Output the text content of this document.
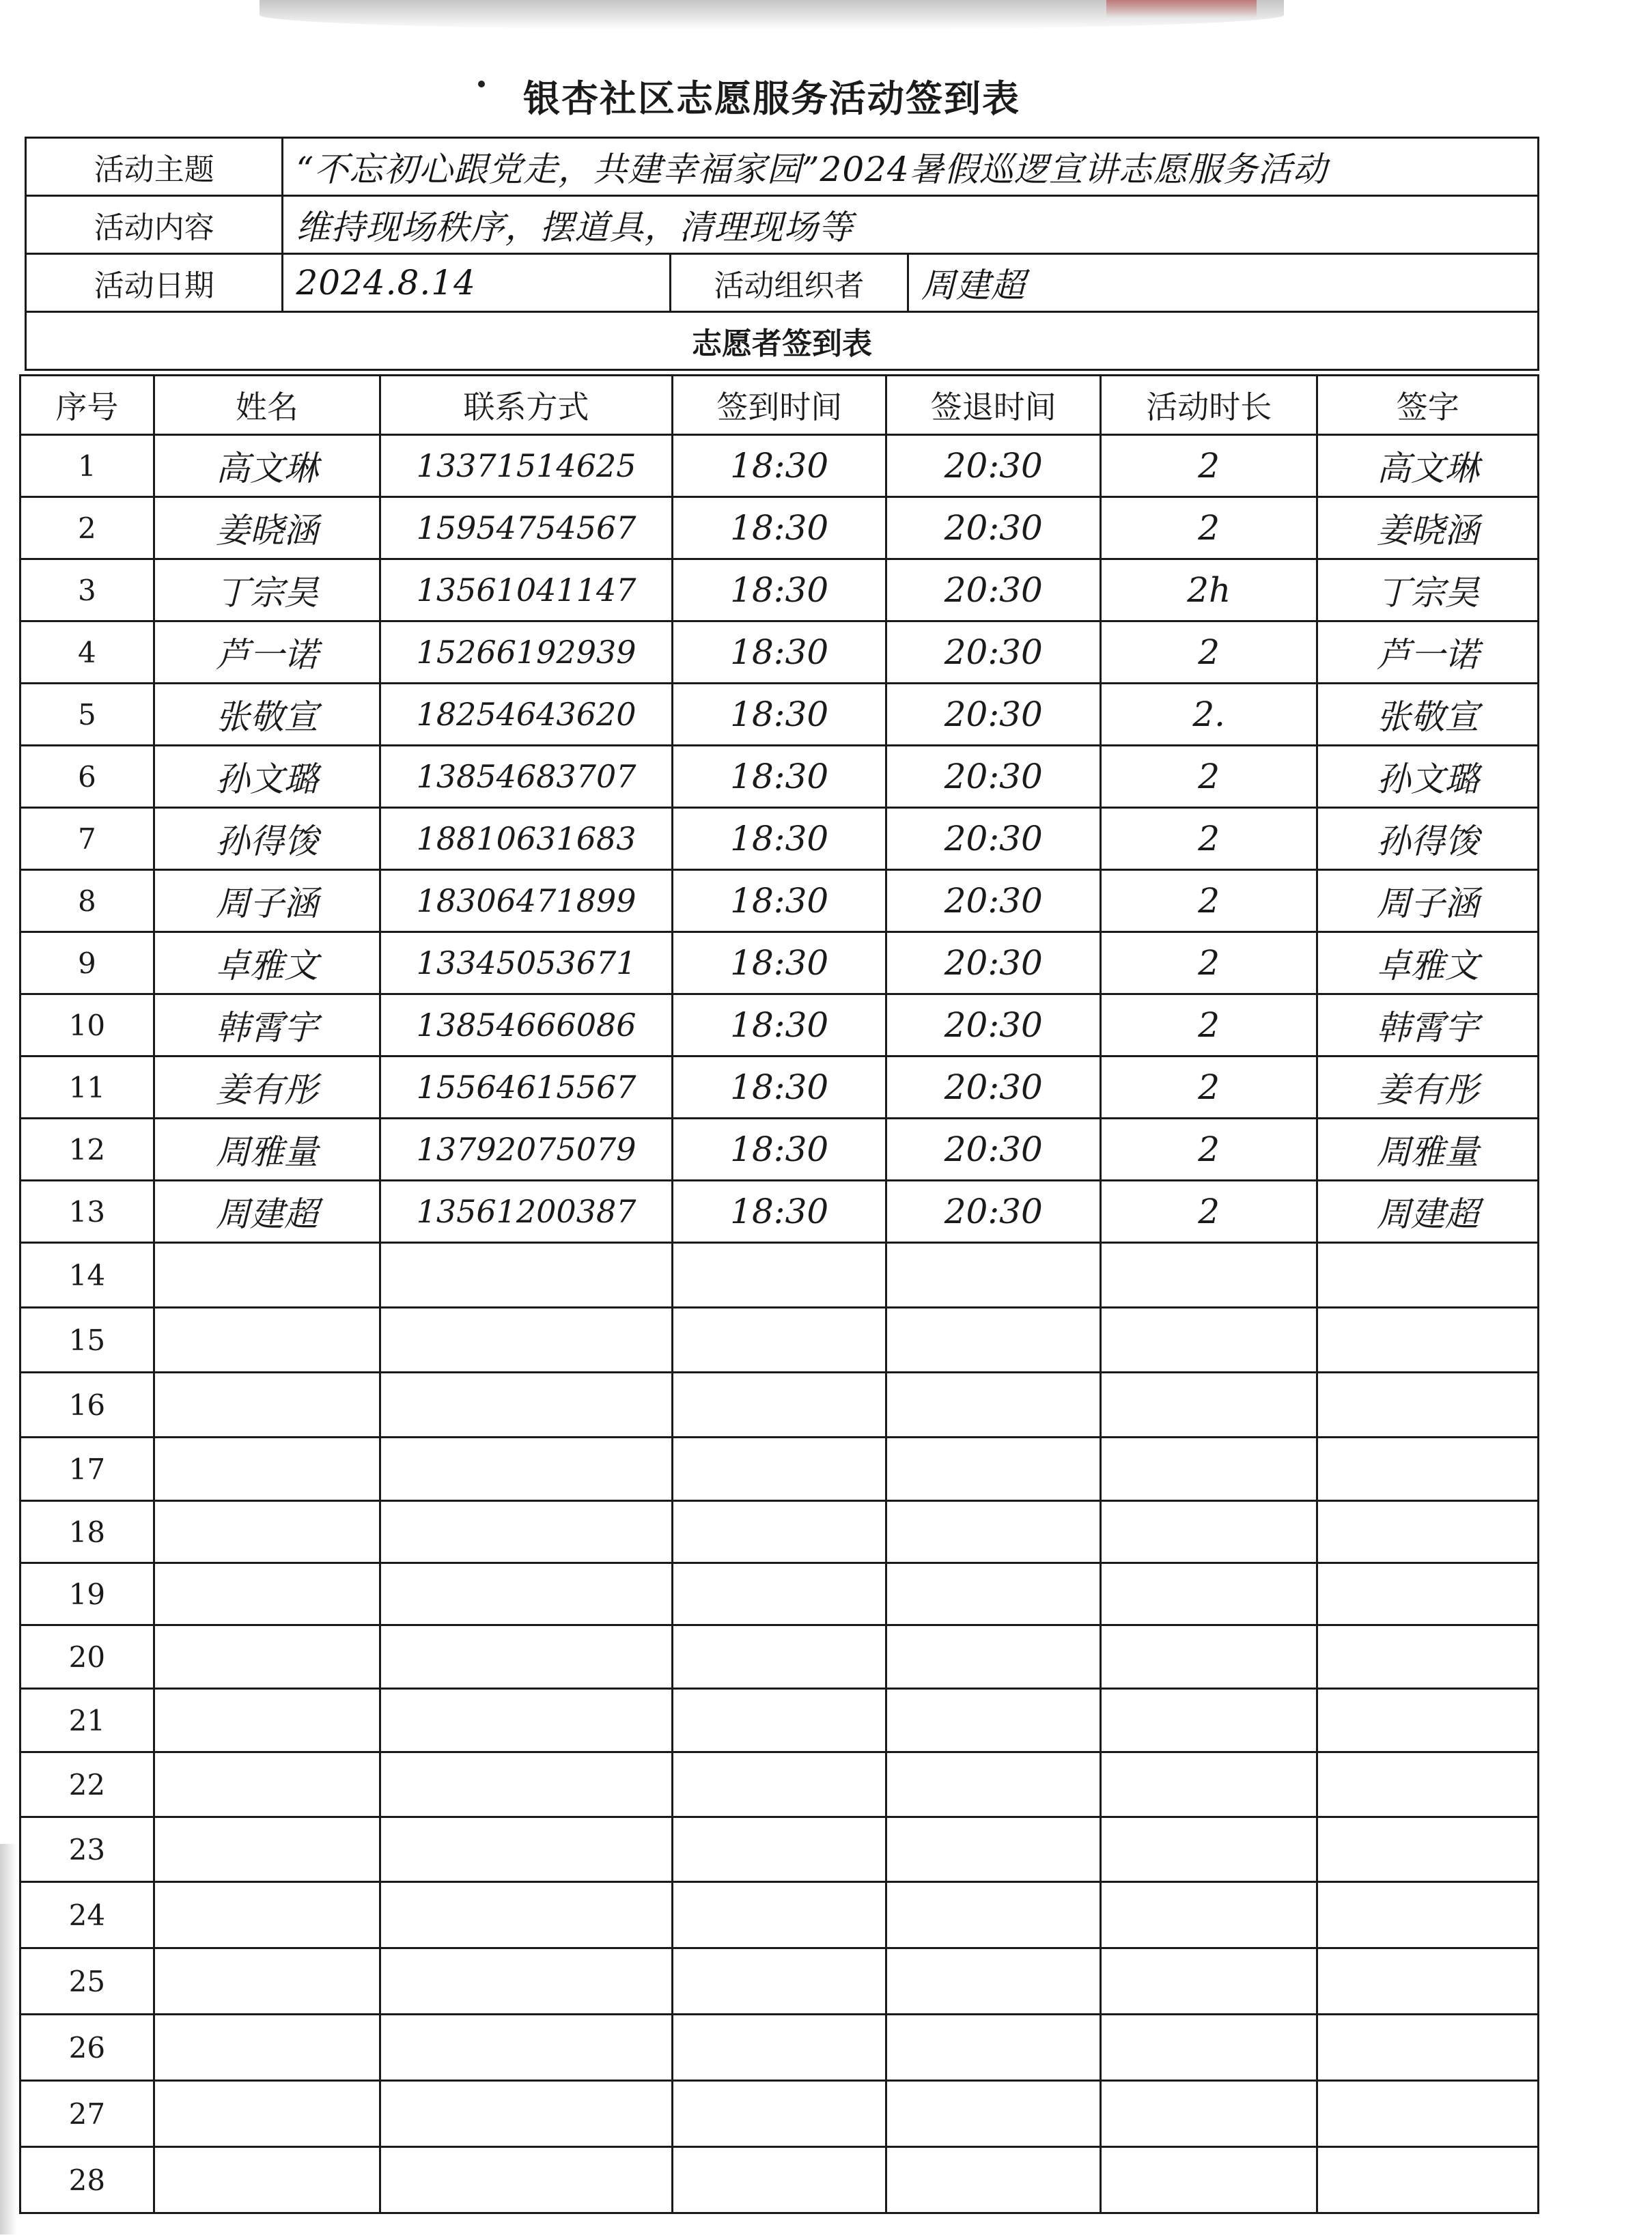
银杏社区志愿服务活动签到表
活动主题	“不忘初心跟党走，共建幸福家园”2024暑假巡逻宣讲志愿服务活动		
活动内容	维持现场秩序，摆道具，清理现场等		
活动日期	2024.8.14	活动组织者	周建超
志愿者签到表			
序号	姓名	联系方式	签到时间	签退时间	活动时长	签字
1	高文琳	13371514625	18:30	20:30	2	高文琳
2	姜晓涵	15954754567	18:30	20:30	2	姜晓涵
3	丁宗昊	13561041147	18:30	20:30	2h	丁宗昊
4	芦一诺	15266192939	18:30	20:30	2	芦一诺
5	张敬宣	18254643620	18:30	20:30	2.	张敬宣
6	孙文璐	13854683707	18:30	20:30	2	孙文璐
7	孙得馂	18810631683	18:30	20:30	2	孙得馂
8	周子涵	18306471899	18:30	20:30	2	周子涵
9	卓雅文	13345053671	18:30	20:30	2	卓雅文
10	韩霄宇	13854666086	18:30	20:30	2	韩霄宇
11	姜有彤	15564615567	18:30	20:30	2	姜有彤
12	周雅量	13792075079	18:30	20:30	2	周雅量
13	周建超	13561200387	18:30	20:30	2	周建超
14						
15						
16						
17						
18						
19						
20						
21						
22						
23						
24						
25						
26						
27						
28						
